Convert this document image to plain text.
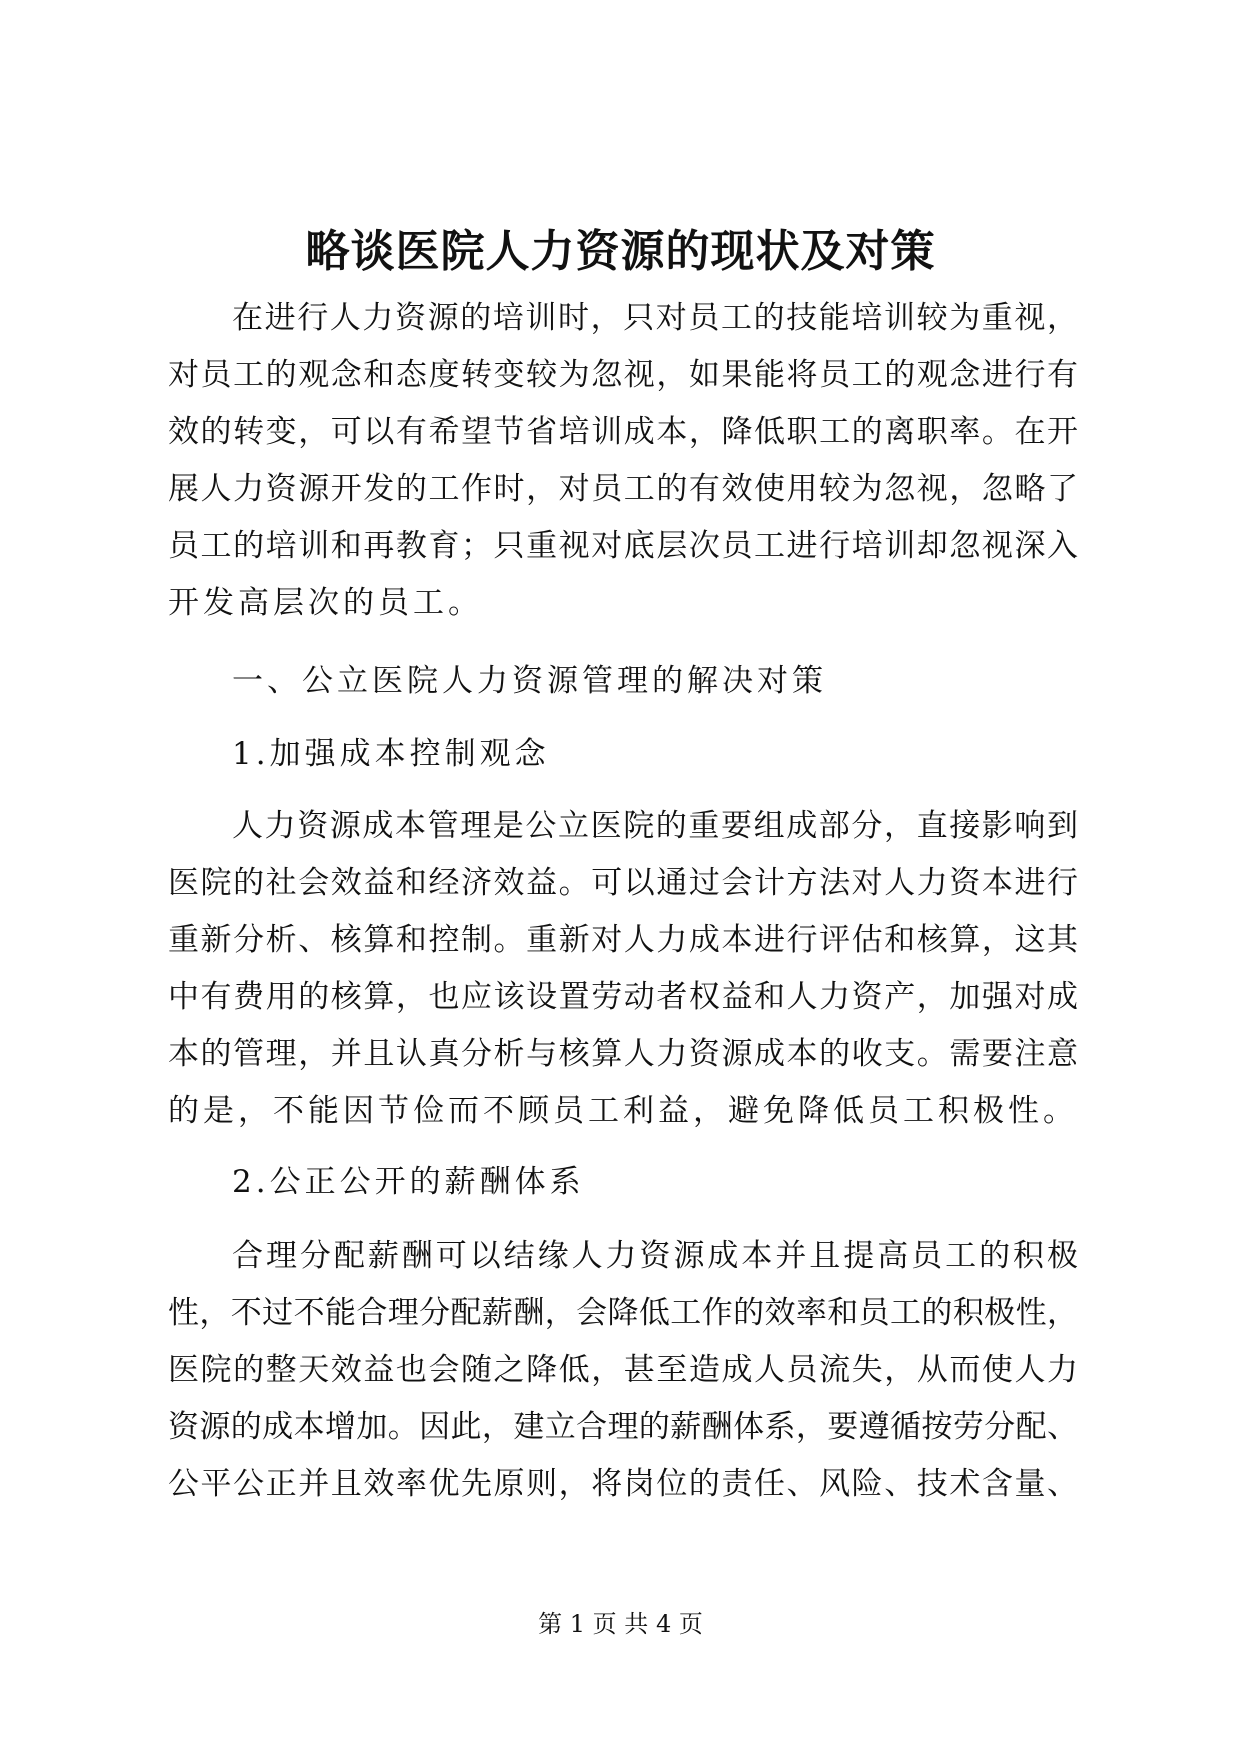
略谈医院人力资源的现状及对策

在进行人力资源的培训时，只对员工的技能培训较为重视，

对员工的观念和态度转变较为忽视，如果能将员工的观念进行有

效的转变，可以有希望节省培训成本，降低职工的离职率。在开

展人力资源开发的工作时，对员工的有效使用较为忽视，忽略了

员工的培训和再教育；只重视对底层次员工进行培训却忽视深入

开发高层次的员工。

一、公立医院人力资源管理的解决对策

1.加强成本控制观念

人力资源成本管理是公立医院的重要组成部分，直接影响到

医院的社会效益和经济效益。可以通过会计方法对人力资本进行

重新分析、核算和控制。重新对人力成本进行评估和核算，这其

中有费用的核算，也应该设置劳动者权益和人力资产，加强对成

本的管理，并且认真分析与核算人力资源成本的收支。需要注意

的是，不能因节俭而不顾员工利益，避免降低员工积极性。

2.公正公开的薪酬体系

合理分配薪酬可以结缘人力资源成本并且提高员工的积极

性，不过不能合理分配薪酬，会降低工作的效率和员工的积极性，

医院的整天效益也会随之降低，甚至造成人员流失，从而使人力

资源的成本增加。因此，建立合理的薪酬体系，要遵循按劳分配、

公平公正并且效率优先原则，将岗位的责任、风险、技术含量、

第 1 页 共 4 页
